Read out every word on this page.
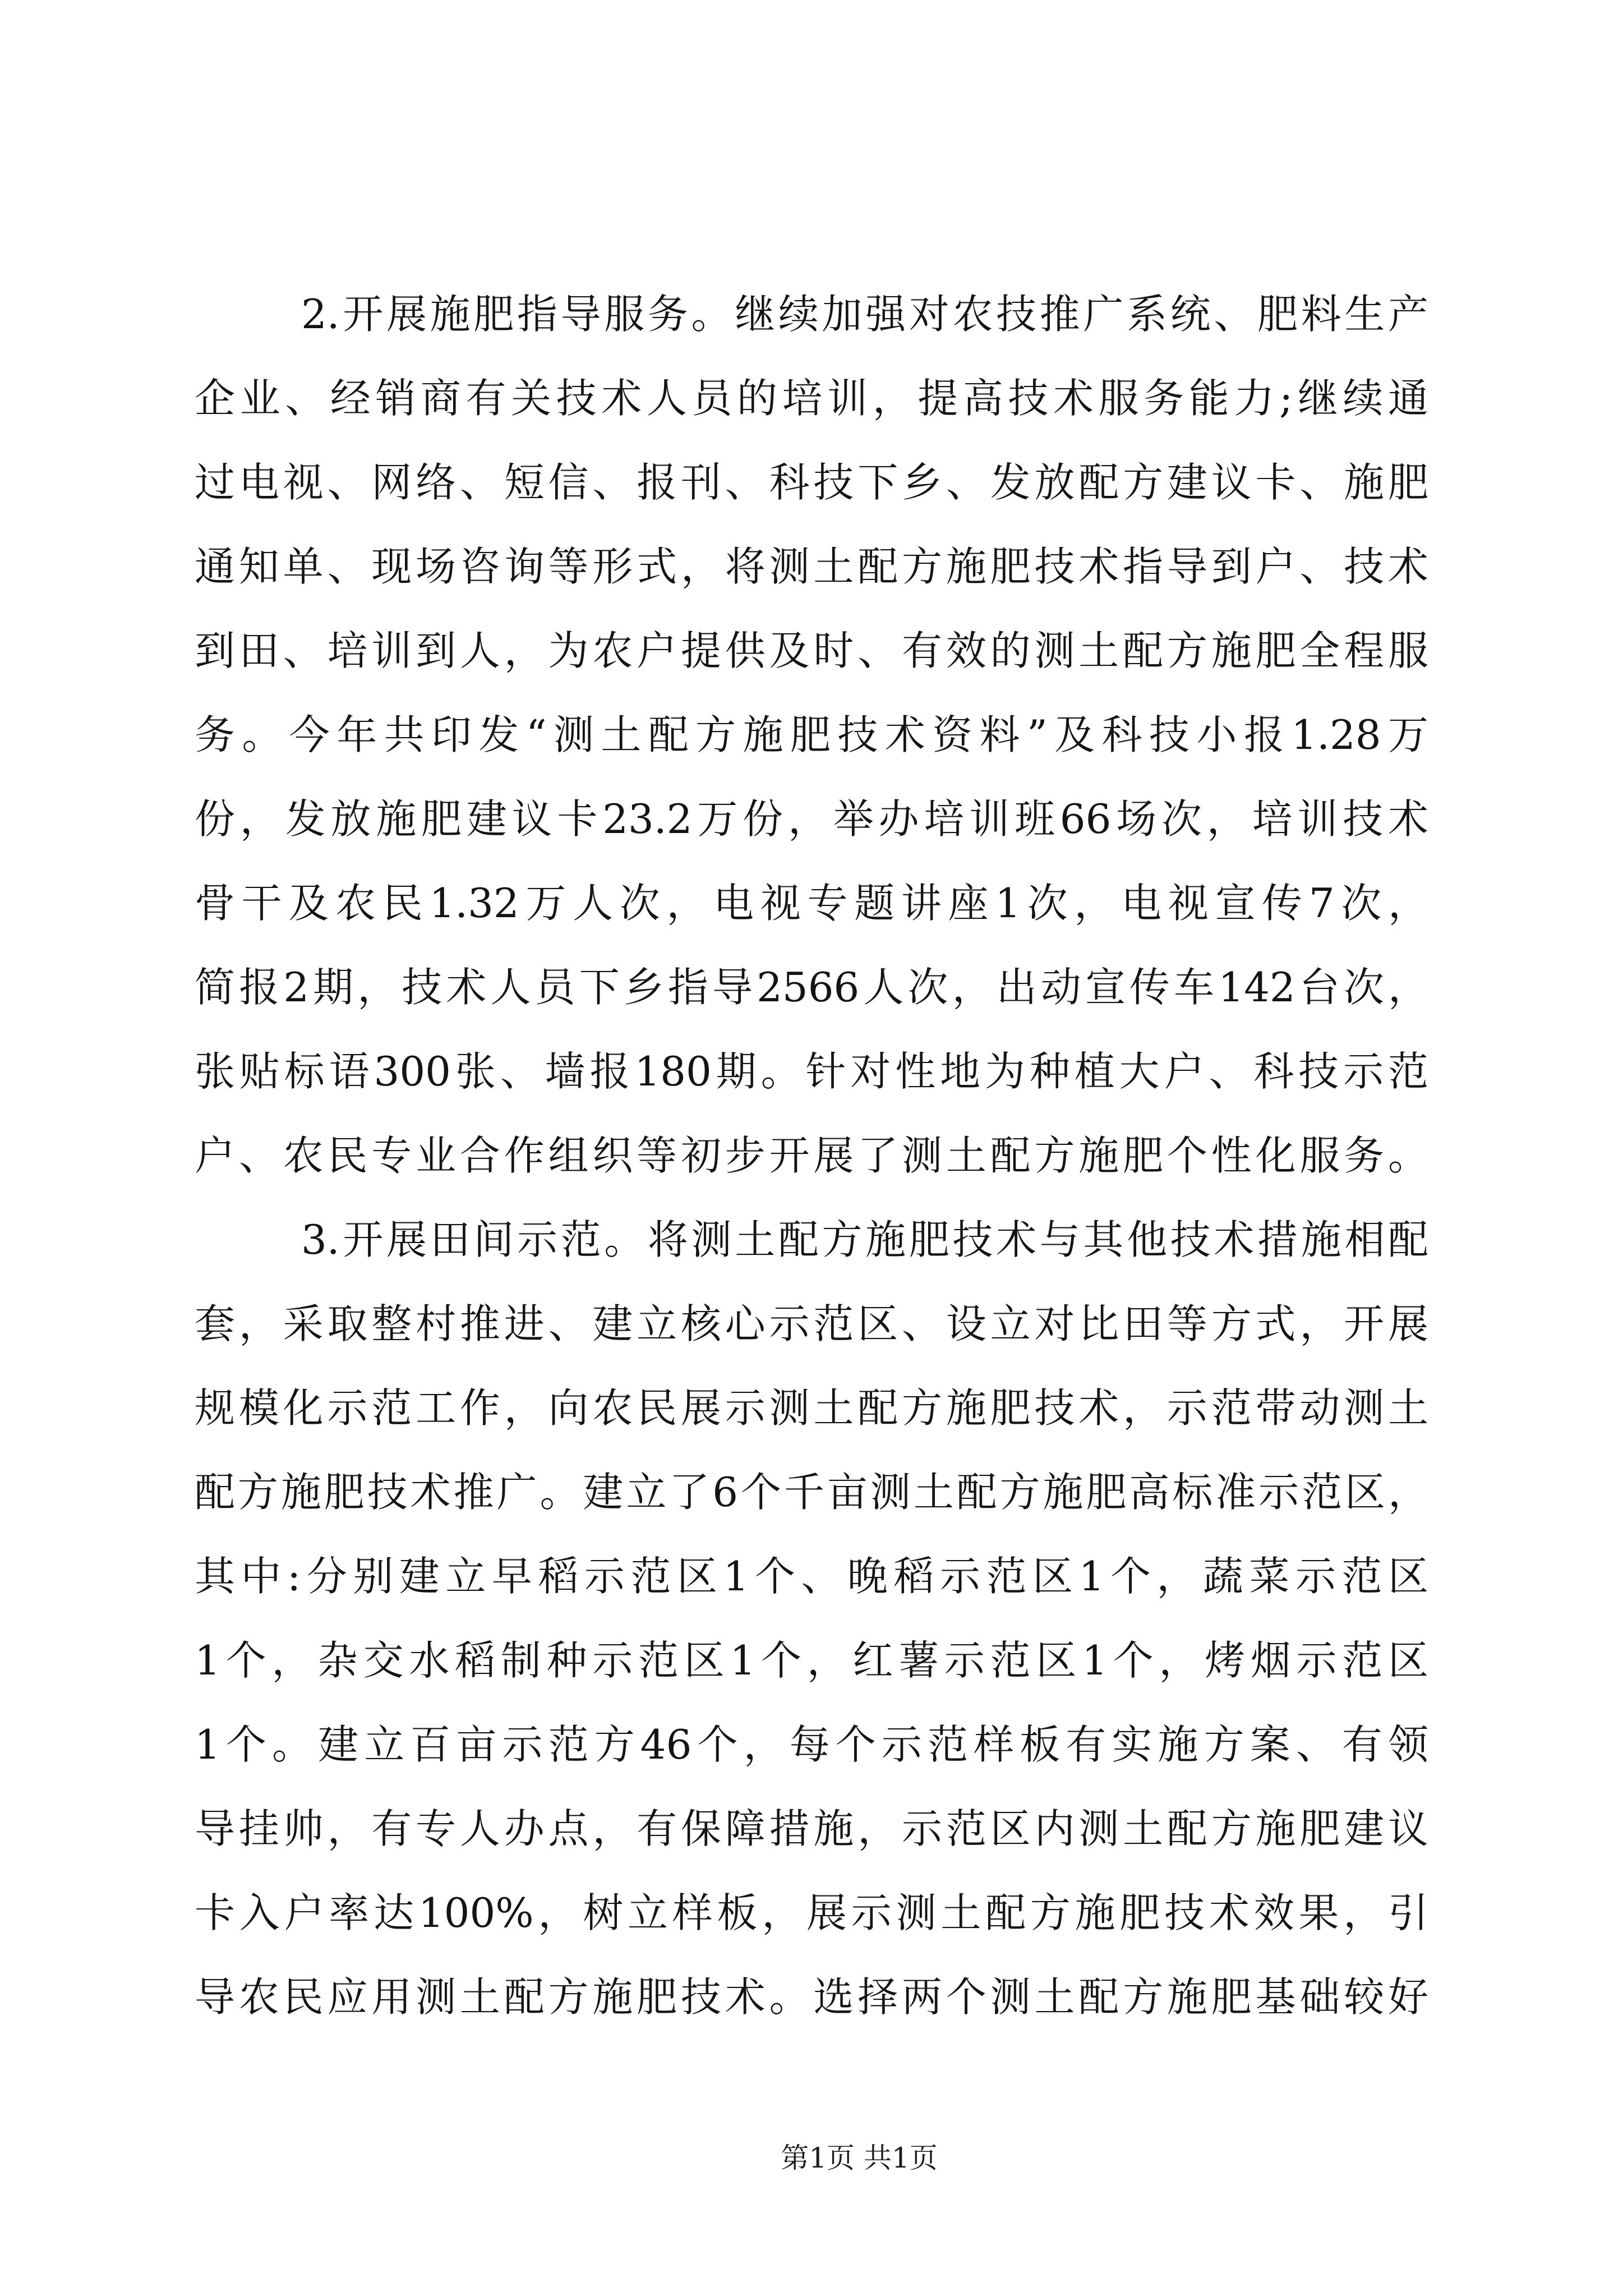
2.开展施肥指导服务。继续加强对农技推广系统、肥料生产
企业、经销商有关技术人员的培训，提高技术服务能力;继续通
过电视、网络、短信、报刊、科技下乡、发放配方建议卡、施肥
通知单、现场咨询等形式，将测土配方施肥技术指导到户、技术
到田、培训到人，为农户提供及时、有效的测土配方施肥全程服
务。今年共印发“测土配方施肥技术资料”及科技小报1.28万
份，发放施肥建议卡23.2万份，举办培训班66场次，培训技术
骨干及农民1.32万人次，电视专题讲座1次，电视宣传7次，
简报2期，技术人员下乡指导2566人次，出动宣传车142台次，
张贴标语300张、墙报180期。针对性地为种植大户、科技示范
户、农民专业合作组织等初步开展了测土配方施肥个性化服务。
3.开展田间示范。将测土配方施肥技术与其他技术措施相配
套，采取整村推进、建立核心示范区、设立对比田等方式，开展
规模化示范工作，向农民展示测土配方施肥技术，示范带动测土
配方施肥技术推广。建立了6个千亩测土配方施肥高标准示范区，
其中:分别建立早稻示范区1个、晚稻示范区1个，蔬菜示范区
1个，杂交水稻制种示范区1个，红薯示范区1个，烤烟示范区
1个。建立百亩示范方46个，每个示范样板有实施方案、有领
导挂帅，有专人办点，有保障措施，示范区内测土配方施肥建议
卡入户率达100%，树立样板，展示测土配方施肥技术效果，引
导农民应用测土配方施肥技术。选择两个测土配方施肥基础较好
第1页 共1页
